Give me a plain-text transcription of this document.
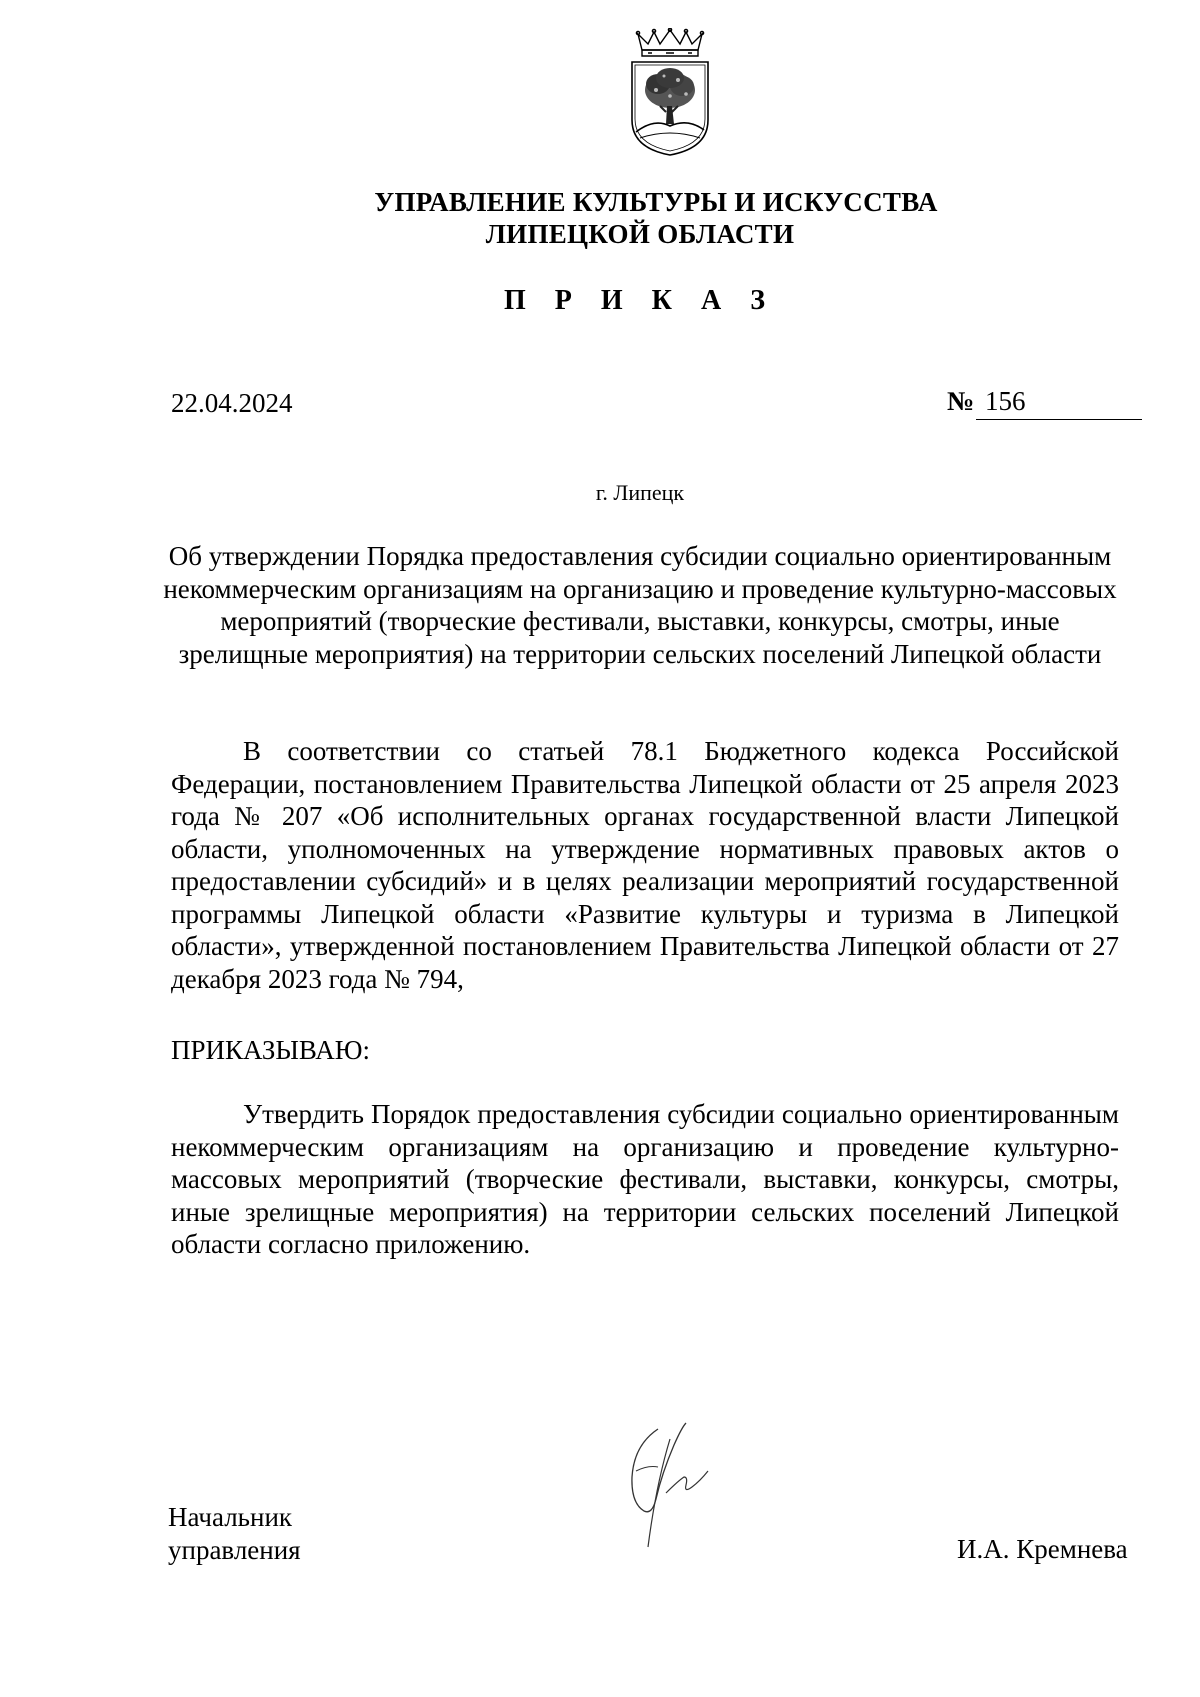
УПРАВЛЕНИЕ КУЛЬТУРЫ И ИСКУССТВА
ЛИПЕЦКОЙ ОБЛАСТИ
П Р И К А З
22.04.2024	№ 156
г. Липецк
Об утверждении Порядка предоставления субсидии социально ориентированным некоммерческим организациям на организацию и проведение культурно-массовых мероприятий (творческие фестивали, выставки, конкурсы, смотры, иные зрелищные мероприятия) на территории сельских поселений Липецкой области
В соответствии со статьей 78.1 Бюджетного кодекса Российской Федерации, постановлением Правительства Липецкой области от 25 апреля 2023 года № 207 «Об исполнительных органах государственной власти Липецкой области, уполномоченных на утверждение нормативных правовых актов о предоставлении субсидий» и в целях реализации мероприятий государственной программы Липецкой области «Развитие культуры и туризма в Липецкой области», утвержденной постановлением Правительства Липецкой области от 27 декабря 2023 года № 794,
ПРИКАЗЫВАЮ:
Утвердить Порядок предоставления субсидии социально ориентированным некоммерческим организациям на организацию и проведение культурно-массовых мероприятий (творческие фестивали, выставки, конкурсы, смотры, иные зрелищные мероприятия) на территории сельских поселений Липецкой области согласно приложению.
Начальник
управления	И.А. Кремнева
